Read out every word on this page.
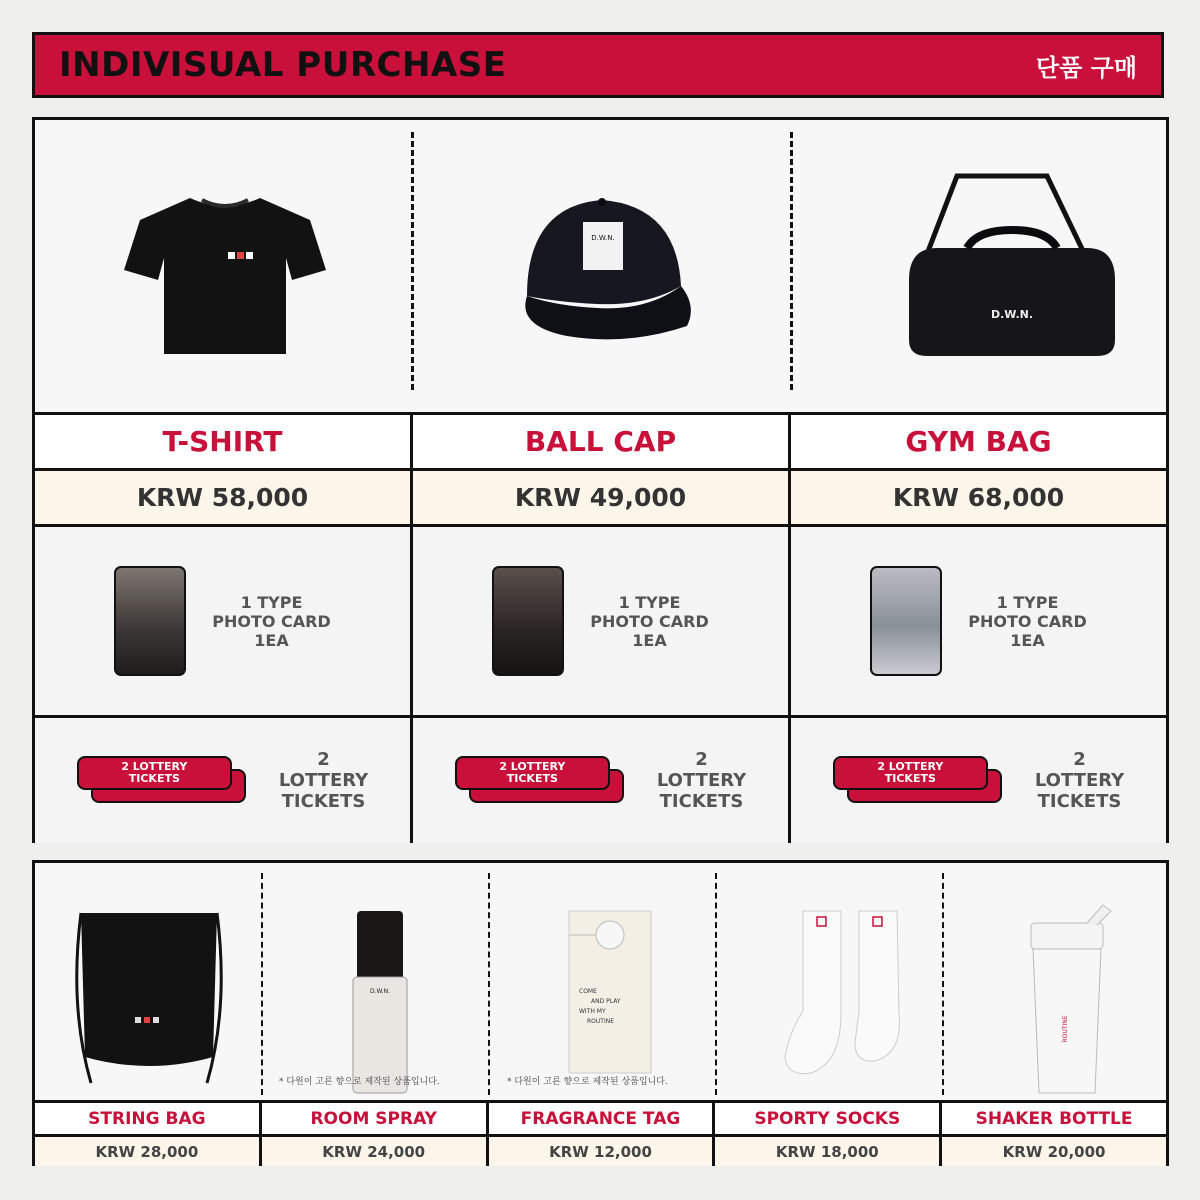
INDIVISUAL PURCHASE	단품 구매
D.W.N.
D.W.N.
T-SHIRT	BALL CAP	GYM BAG
KRW 58,000	KRW 49,000	KRW 68,000
1 TYPE
PHOTO CARD
1EA
1 TYPE
PHOTO CARD
1EA
1 TYPE
PHOTO CARD
1EA
2 LOTTERY
TICKETS
2
LOTTERY
TICKETS
2 LOTTERY
TICKETS
2
LOTTERY
TICKETS
2 LOTTERY
TICKETS
2
LOTTERY
TICKETS
D.W.N.
* 다원이 고른 향으로 제작된 상품입니다.
COME
AND PLAY
WITH MY
ROUTINE
* 다원이 고른 향으로 제작된 상품입니다.
ROUTINE
STRING BAG	ROOM SPRAY	FRAGRANCE TAG	SPORTY SOCKS	SHAKER BOTTLE
KRW 28,000	KRW 24,000	KRW 12,000	KRW 18,000	KRW 20,000
